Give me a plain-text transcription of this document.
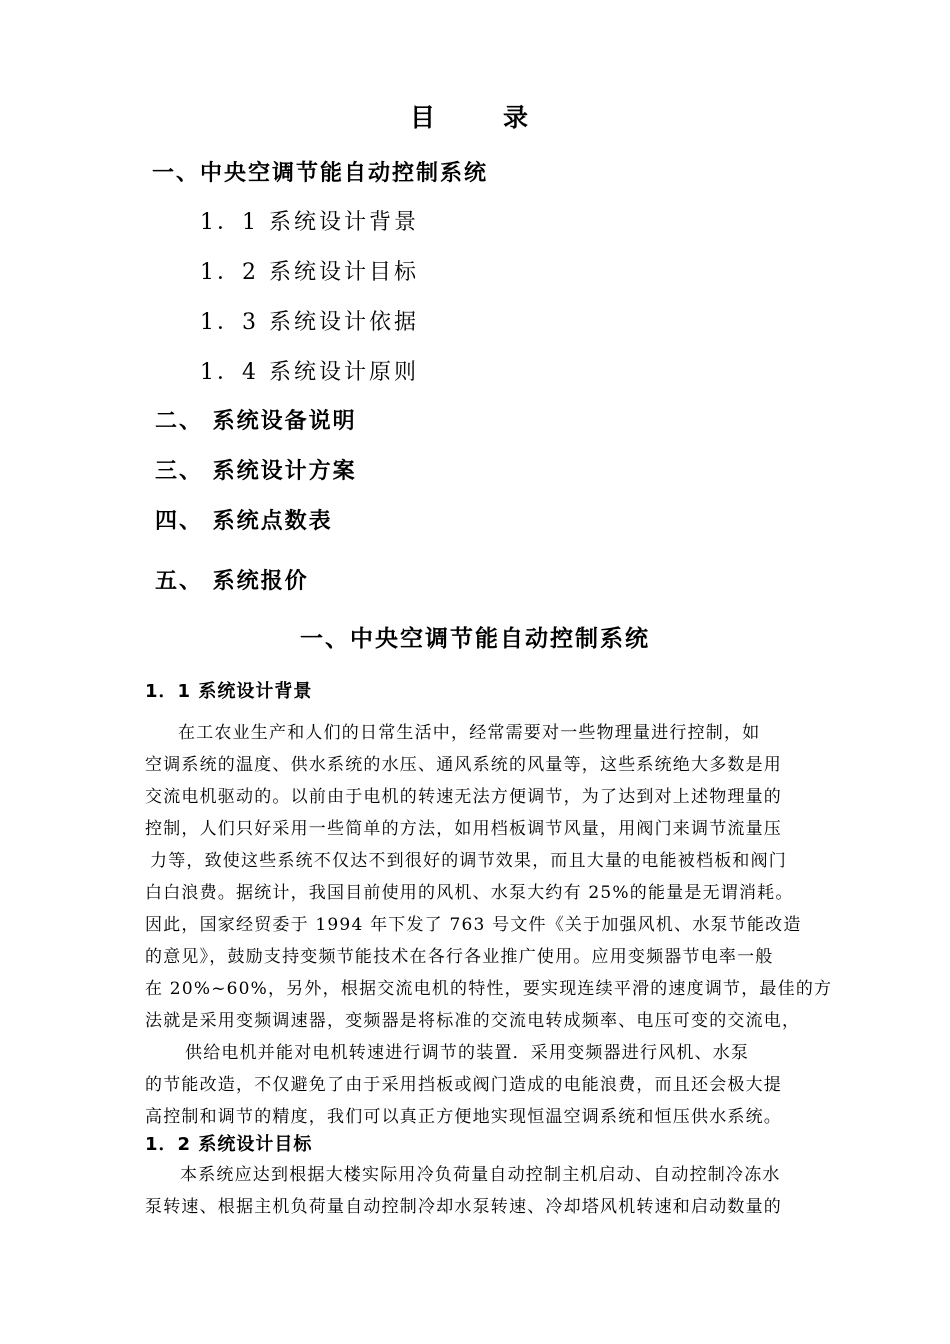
目录
一、中央空调节能自动控制系统
1．1 系统设计背景
1．2 系统设计目标
1．3 系统设计依据
1．4 系统设计原则
二、 系统设备说明
三、 系统设计方案
四、 系统点数表
五、 系统报价
一、中央空调节能自动控制系统
1．1 系统设计背景
在工农业生产和人们的日常生活中，经常需要对一些物理量进行控制，如
空调系统的温度、供水系统的水压、通风系统的风量等，这些系统绝大多数是用
交流电机驱动的。以前由于电机的转速无法方便调节，为了达到对上述物理量的
控制，人们只好采用一些简单的方法，如用档板调节风量，用阀门来调节流量压
力等，致使这些系统不仅达不到很好的调节效果，而且大量的电能被档板和阀门
白白浪费。据统计，我国目前使用的风机、水泵大约有 25%的能量是无谓消耗。
因此，国家经贸委于 1994 年下发了 763 号文件《关于加强风机、水泵节能改造
的意见》，鼓励支持变频节能技术在各行各业推广使用。应用变频器节电率一般
在 20%~60%，另外，根据交流电机的特性，要实现连续平滑的速度调节，最佳的方
法就是采用变频调速器，变频器是将标准的交流电转成频率、电压可变的交流电，
供给电机并能对电机转速进行调节的装置．采用变频器进行风机、水泵
的节能改造，不仅避免了由于采用挡板或阀门造成的电能浪费，而且还会极大提
高控制和调节的精度，我们可以真正方便地实现恒温空调系统和恒压供水系统。
1．2 系统设计目标
本系统应达到根据大楼实际用冷负荷量自动控制主机启动、自动控制冷冻水
泵转速、根据主机负荷量自动控制冷却水泵转速、冷却塔风机转速和启动数量的
